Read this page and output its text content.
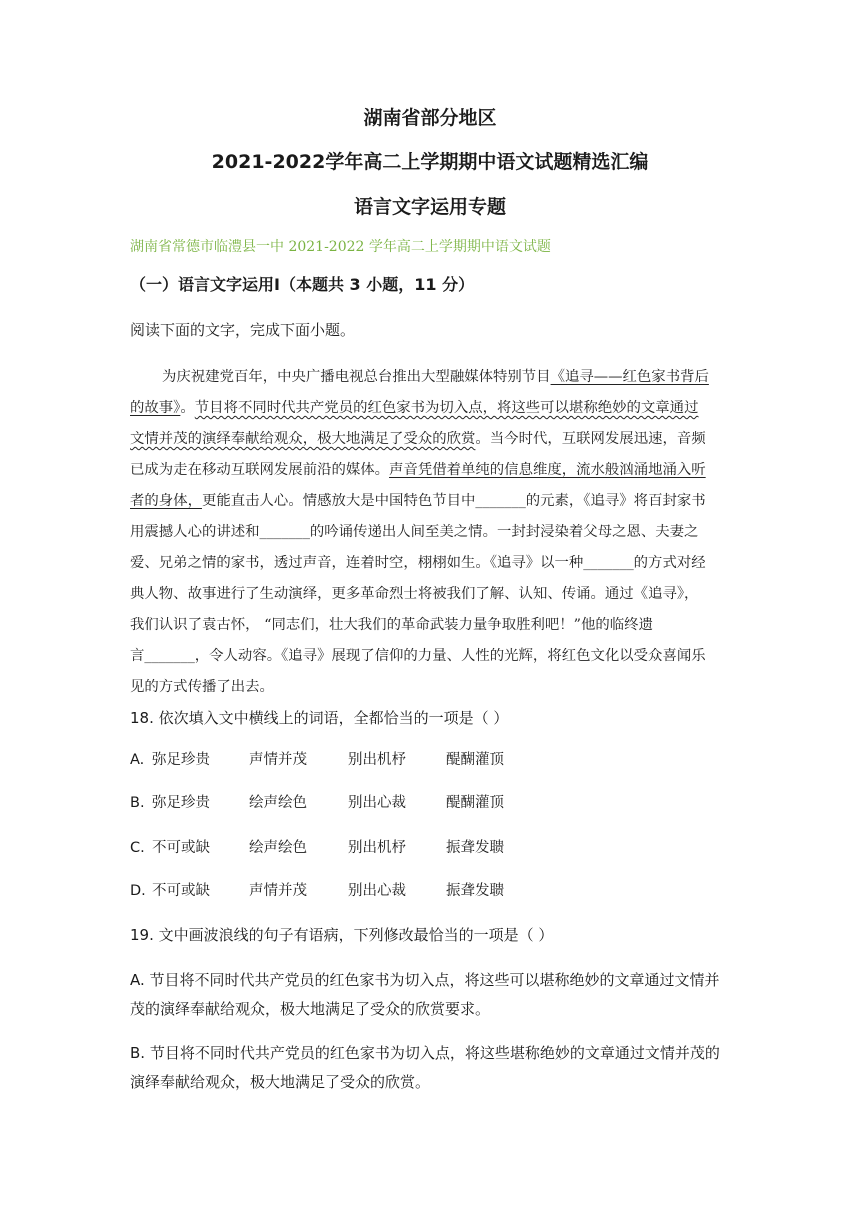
湖南省部分地区
2021-2022学年高二上学期期中语文试题精选汇编
语言文字运用专题
湖南省常德市临澧县一中 2021-2022 学年高二上学期期中语文试题
（一）语言文字运用Ⅰ（本题共 3 小题，11 分）
阅读下面的文字，完成下面小题。
为庆祝建党百年，中央广播电视总台推出大型融媒体特别节目《追寻——红色家书背后
的故事》。节目将不同时代共产党员的红色家书为切入点，将这些可以堪称绝妙的文章通过
文情并茂的演绎奉献给观众，极大地满足了受众的欣赏。当今时代，互联网发展迅速，音频
已成为走在移动互联网发展前沿的媒体。声音凭借着单纯的信息维度，流水般汹涌地涌入听
者的身体，更能直击人心。情感放大是中国特色节目中_______的元素，《追寻》将百封家书
用震撼人心的讲述和_______的吟诵传递出人间至美之情。一封封浸染着父母之恩、夫妻之
爱、兄弟之情的家书，透过声音，连着时空，栩栩如生。《追寻》以一种_______的方式对经
典人物、故事进行了生动演绎，更多革命烈士将被我们了解、认知、传诵。通过《追寻》，
我们认识了袁古怀， “同志们，壮大我们的革命武装力量争取胜利吧！”他的临终遗
言_______，令人动容。《追寻》展现了信仰的力量、人性的光辉，将红色文化以受众喜闻乐
见的方式传播了出去。
18. 依次填入文中横线上的词语，全都恰当的一项是（ ）
A. 弥足珍贵	声情并茂	别出机杼	醍醐灌顶
B. 弥足珍贵	绘声绘色	别出心裁	醍醐灌顶
C. 不可或缺	绘声绘色	别出机杼	振聋发聩
D. 不可或缺	声情并茂	别出心裁	振聋发聩
19. 文中画波浪线的句子有语病，下列修改最恰当的一项是（ ）
A. 节目将不同时代共产党员的红色家书为切入点，将这些可以堪称绝妙的文章通过文情并
茂的演绎奉献给观众，极大地满足了受众的欣赏要求。
B. 节目将不同时代共产党员的红色家书为切入点，将这些堪称绝妙的文章通过文情并茂的
演绎奉献给观众，极大地满足了受众的欣赏。
